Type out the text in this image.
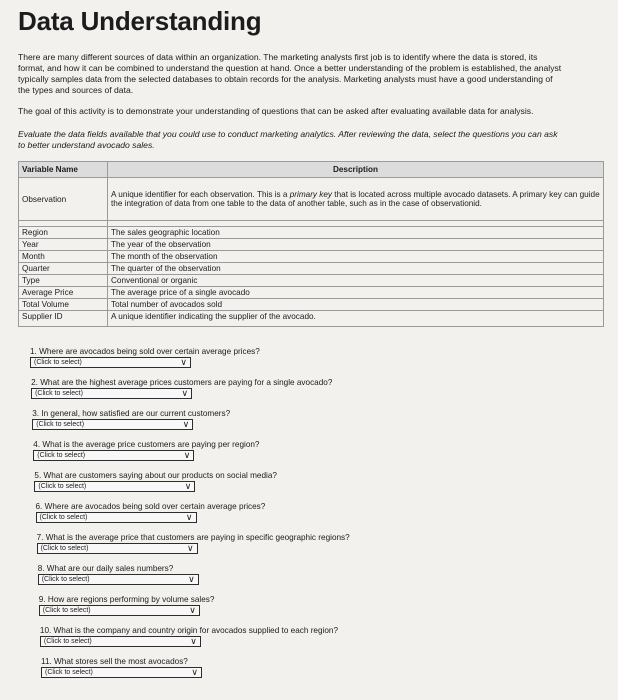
Data Understanding

There are many different sources of data within an organization. The marketing analysts first job is to identify where the data is stored, its format, and how it can be combined to understand the question at hand. Once a better understanding of the problem is established, the analyst typically samples data from the selected databases to obtain records for the analysis. Marketing analysts must have a good understanding of the types and sources of data.

The goal of this activity is to demonstrate your understanding of questions that can be asked after evaluating available data for analysis.

Evaluate the data fields available that you could use to conduct marketing analytics. After reviewing the data, select the questions you can ask to better understand avocado sales.

Variable Name	Description
Observation	A unique identifier for each observation. This is a primary key that is located across multiple avocado datasets. A primary key can guide the integration of data from one table to the data of another table, such as in the case of observationid.

Region	The sales geographic location
Year	The year of the observation
Month	The month of the observation
Quarter	The quarter of the observation
Type	Conventional or organic
Average Price	The average price of a single avocado
Total Volume	Total number of avocados sold
Supplier ID	A unique identifier indicating the supplier of the avocado.
1. Where are avocados being sold over certain average prices?
(Click to select)	∨
2. What are the highest average prices customers are paying for a single avocado?
(Click to select)	∨
3. In general, how satisfied are our current customers?
(Click to select)	∨
4. What is the average price customers are paying per region?
(Click to select)	∨
5. What are customers saying about our products on social media?
(Click to select)	∨
6. Where are avocados being sold over certain average prices?
(Click to select)	∨
7. What is the average price that customers are paying in specific geographic regions?
(Click to select)	∨
8. What are our daily sales numbers?
(Click to select)	∨
9. How are regions performing by volume sales?
(Click to select)	∨
10. What is the company and country origin for avocados supplied to each region?
(Click to select)	∨
11. What stores sell the most avocados?
(Click to select)	∨
